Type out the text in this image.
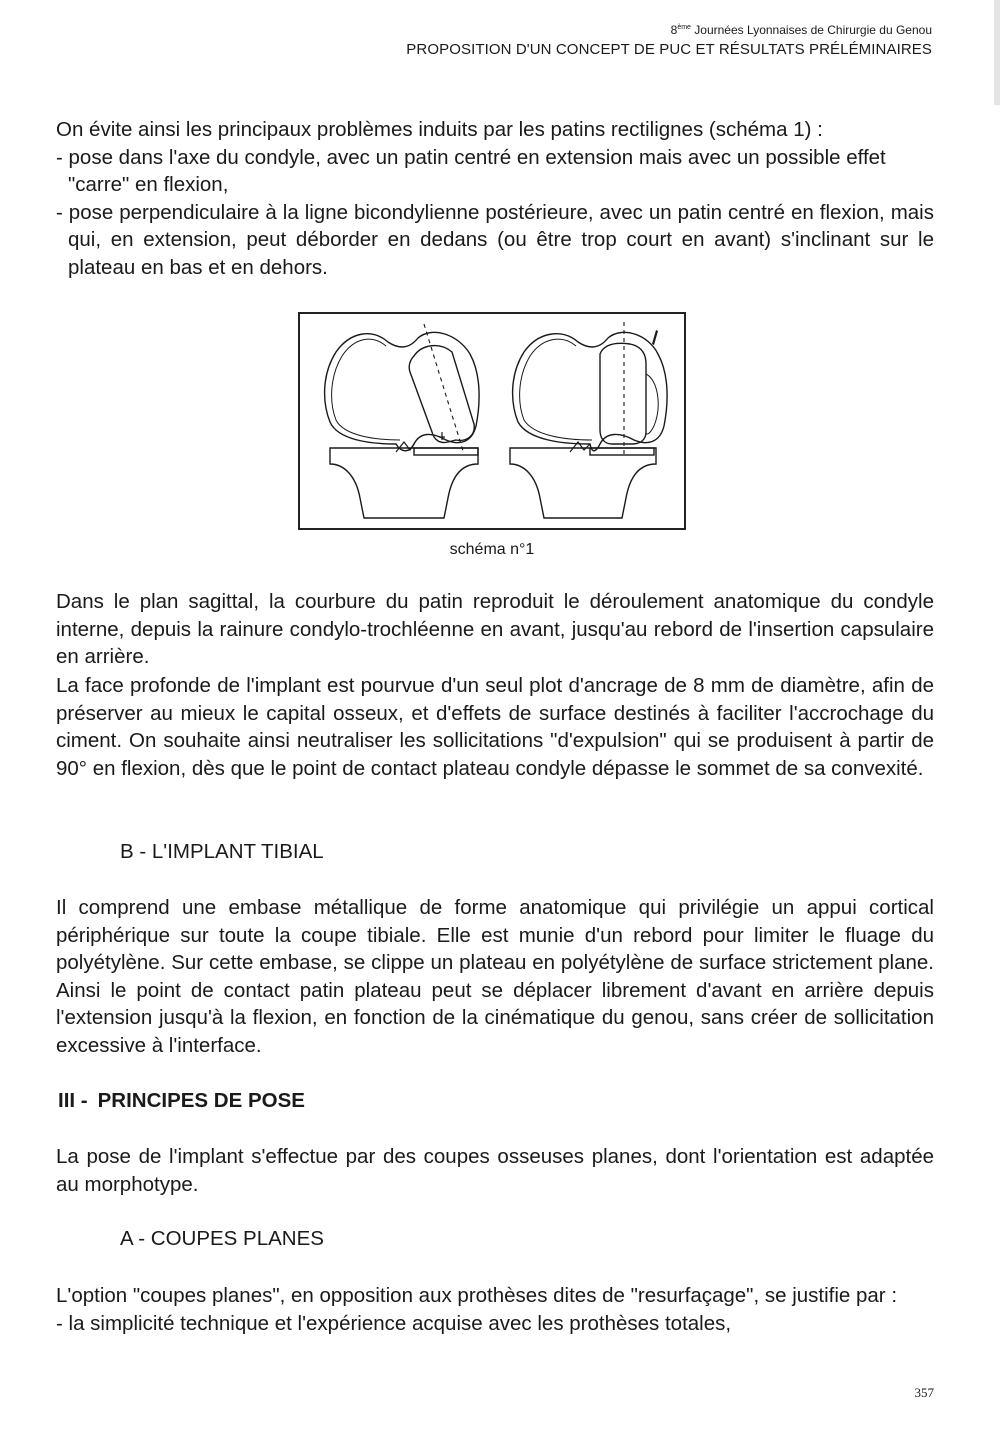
8ème Journées Lyonnaises de Chirurgie du Genou
PROPOSITION D'UN CONCEPT DE PUC ET RÉSULTATS PRÉLÉMINAIRES
On évite ainsi les principaux problèmes induits par les patins rectilignes (schéma 1) :
- pose dans l'axe du condyle, avec un patin centré en extension mais avec un possible effet "carre" en flexion,
- pose perpendiculaire à la ligne bicondylienne postérieure, avec un patin centré en flexion, mais qui, en extension, peut déborder en dedans (ou être trop court en avant) s'inclinant sur le plateau en bas et en dehors.
schéma n°1
Dans le plan sagittal, la courbure du patin reproduit le déroulement anatomique du condyle interne, depuis la rainure condylo-trochléenne en avant, jusqu'au rebord de l'insertion capsulaire en arrière.
La face profonde de l'implant est pourvue d'un seul plot d'ancrage de 8 mm de diamètre, afin de préserver au mieux le capital osseux, et d'effets de surface destinés à faciliter l'accrochage du ciment. On souhaite ainsi neutraliser les sollicitations "d'expulsion" qui se produisent à partir de 90° en flexion, dès que le point de contact plateau condyle dépasse le sommet de sa convexité.
B - L'IMPLANT TIBIAL
Il comprend une embase métallique de forme anatomique qui privilégie un appui cortical périphérique sur toute la coupe tibiale. Elle est munie d'un rebord pour limiter le fluage du polyétylène. Sur cette embase, se clippe un plateau en polyétylène de surface strictement plane. Ainsi le point de contact patin plateau peut se déplacer librement d'avant en arrière depuis l'extension jusqu'à la flexion, en fonction de la cinématique du genou, sans créer de sollicitation excessive à l'interface.
III - PRINCIPES DE POSE
La pose de l'implant s'effectue par des coupes osseuses planes, dont l'orientation est adaptée au morphotype.
A - COUPES PLANES
L'option "coupes planes", en opposition aux prothèses dites de "resurfaçage", se justifie par :
- la simplicité technique et l'expérience acquise avec les prothèses totales,
357
